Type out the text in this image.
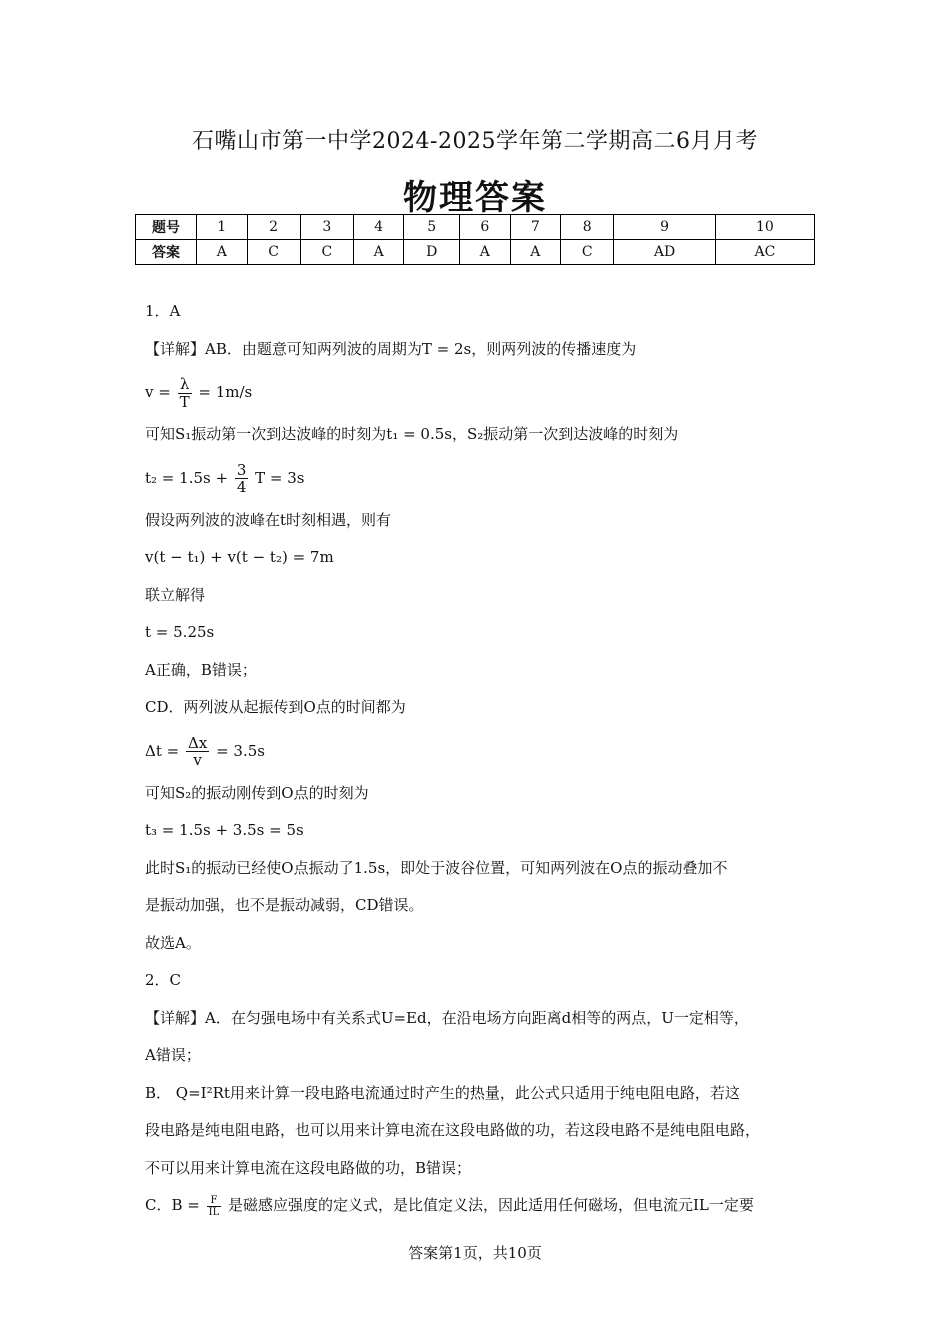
石嘴山市第一中学2024-2025学年第二学期高二6月月考
物理答案
题号	1	2	3	4	5	6	7	8	9	10
答案	A	C	C	A	D	A	A	C	AD	AC
1．A
【详解】AB．由题意可知两列波的周期为T = 2s，则两列波的传播速度为
$v = \frac{\lambda}{T} = 1m/s$
可知S₁振动第一次到达波峰的时刻为t₁ = 0.5s，S₂振动第一次到达波峰的时刻为
$t_2 = 1.5s + \frac{3}{4}$ T = 3s
假设两列波的波峰在t时刻相遇，则有
v(t − t₁) + v(t − t₂) = 7m
联立解得
t = 5.25s
A正确，B错误；
CD．两列波从起振传到O点的时间都为
$\Delta t = \frac{\Delta x}{v} = 3.5s$
可知S₂的振动刚传到O点的时刻为
t₃ = 1.5s + 3.5s = 5s
此时S₁的振动已经使O点振动了1.5s，即处于波谷位置，可知两列波在O点的振动叠加不
是振动加强，也不是振动减弱，CD错误。
故选A。
2．C
【详解】A．在匀强电场中有关系式U=Ed，在沿电场方向距离d相等的两点，U一定相等，
A错误；
B． Q=I²Rt用来计算一段电路电流通过时产生的热量，此公式只适用于纯电阻电路，若这
段电路是纯电阻电路，也可以用来计算电流在这段电路做的功，若这段电路不是纯电阻电路，
不可以用来计算电流在这段电路做的功，B错误；
C．$B = \frac{F}{IL}$ 是磁感应强度的定义式，是比值定义法，因此适用任何磁场，但电流元IL一定要
答案第1页，共10页
